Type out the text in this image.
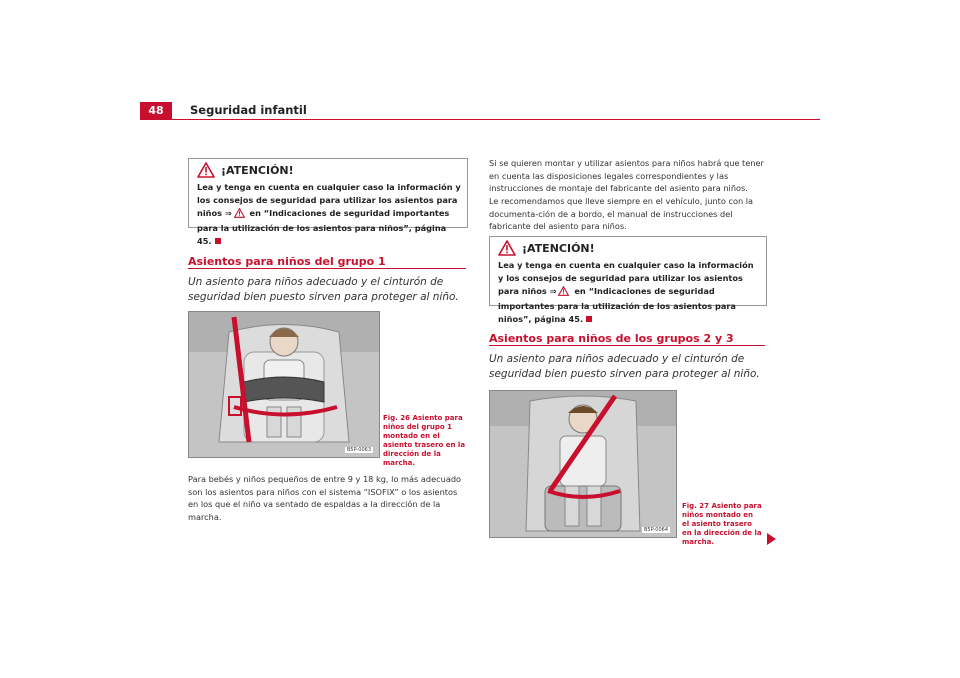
48	Seguridad infantil
¡ATENCIÓN!
Lea y tenga en cuenta en cualquier caso la información y los consejos de seguridad para utilizar los asientos para niños ⇒ en “Indicaciones de seguridad importantes para la utilización de los asientos para niños”, página 45.
Asientos para niños del grupo 1
Un asiento para niños adecuado y el cinturón de seguridad bien puesto sirven para proteger al niño.
B5P-0063
Fig. 26 Asiento para niños del grupo 1 montado en el asiento trasero en la dirección de la marcha.
Para bebés y niños pequeños de entre 9 y 18 kg, lo más adecuado son los asientos para niños con el sistema “ISOFIX” o los asientos en los que el niño va sentado de espaldas a la dirección de la marcha.
Si se quieren montar y utilizar asientos para niños habrá que tener en cuenta las disposiciones legales correspondientes y las instrucciones de montaje del fabricante del asiento para niños.
Le recomendamos que lleve siempre en el vehículo, junto con la documenta-ción de a bordo, el manual de instrucciones del fabricante del asiento para niños.
¡ATENCIÓN!
Lea y tenga en cuenta en cualquier caso la información y los consejos de seguridad para utilizar los asientos para niños ⇒ en “Indicaciones de seguridad importantes para la utilización de los asientos para niños”, página 45.
Asientos para niños de los grupos 2 y 3
Un asiento para niños adecuado y el cinturón de seguridad bien puesto sirven para proteger al niño.
B5P-0064
Fig. 27 Asiento para niños montado en el asiento trasero en la dirección de la marcha.
